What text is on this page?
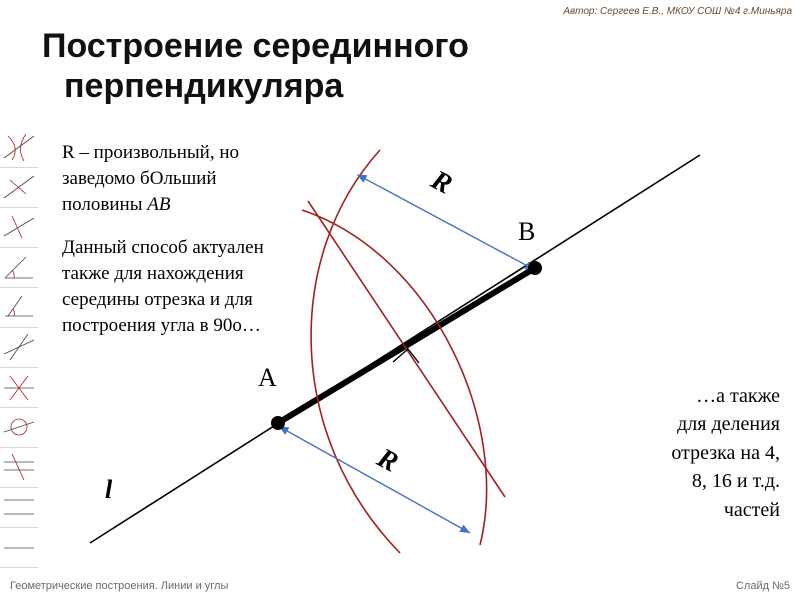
Автор: Сергеев Е.В., МКОУ СОШ №4 г.Миньяра
Построение серединного
перпендикуляра

R – произвольный, но
заведомо бОльший
половины AB

Данный способ актуален также для нахождения середины отрезка и для построения угла в 90о…

…а также
для деления
отрезка на 4,
8, 16 и т.д.
частей
A
B
l
R
R
Геометрические построения. Линии и углы	Слайд №5
